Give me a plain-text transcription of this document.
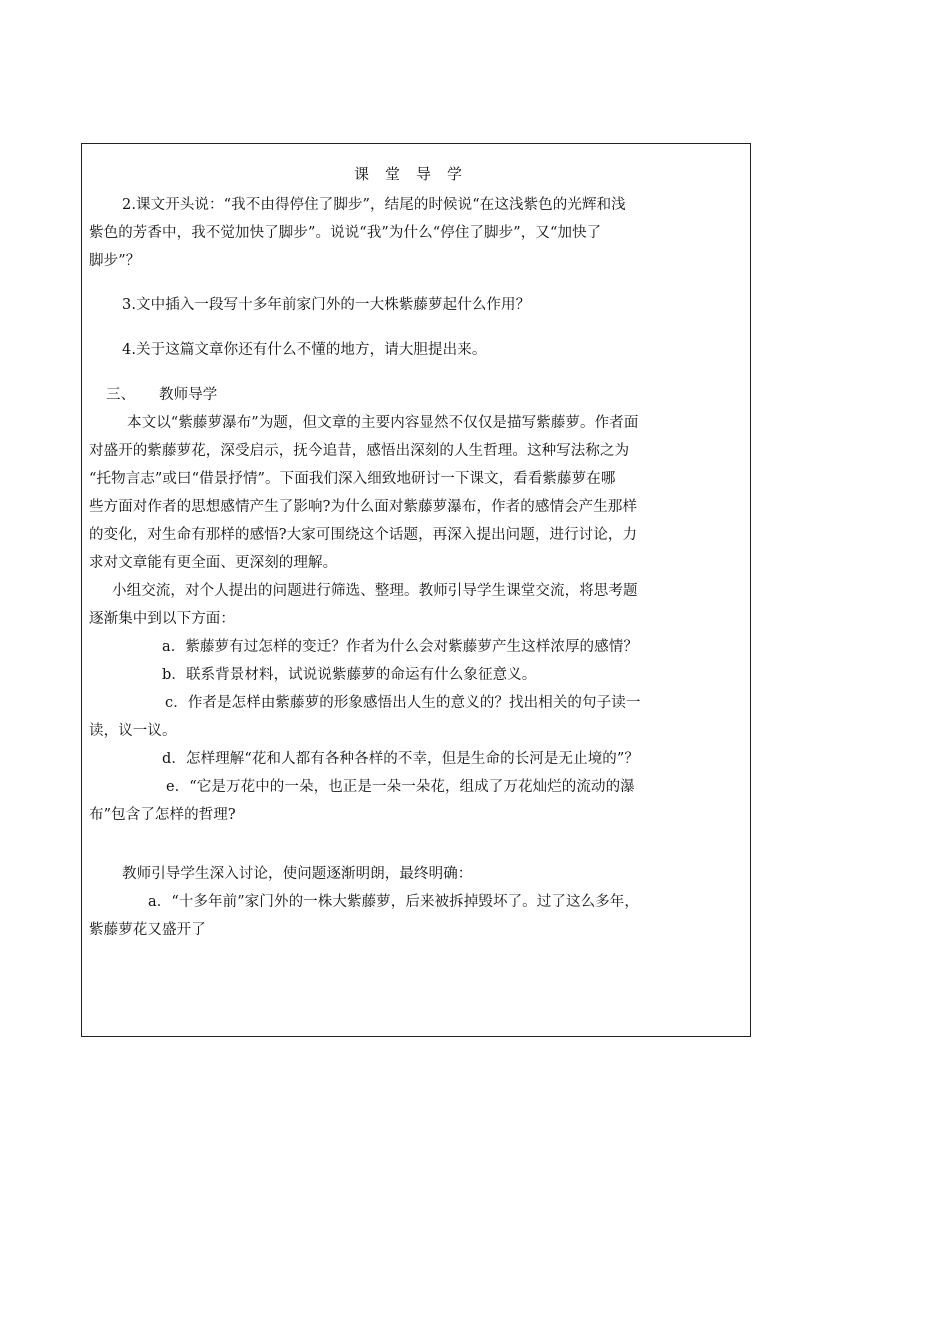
课堂导学
2.课文开头说：“我不由得停住了脚步”，结尾的时候说“在这浅紫色的光辉和浅
紫色的芳香中，我不觉加快了脚步”。说说“我”为什么“停住了脚步”，又“加快了
脚步”？
3.文中插入一段写十多年前家门外的一大株紫藤萝起什么作用？
4.关于这篇文章你还有什么不懂的地方，请大胆提出来。
三、 教师导学
本文以“紫藤萝瀑布”为题，但文章的主要内容显然不仅仅是描写紫藤萝。作者面
对盛开的紫藤萝花，深受启示，抚今追昔，感悟出深刻的人生哲理。这种写法称之为
“托物言志”或曰“借景抒情”。下面我们深入细致地研讨一下课文，看看紫藤萝在哪
些方面对作者的思想感情产生了影响?为什么面对紫藤萝瀑布，作者的感情会产生那样
的变化，对生命有那样的感悟?大家可围绕这个话题，再深入提出问题，进行讨论，力
求对文章能有更全面、更深刻的理解。
小组交流，对个人提出的问题进行筛选、整理。教师引导学生课堂交流，将思考题
逐渐集中到以下方面：
a．紫藤萝有过怎样的变迁？作者为什么会对紫藤萝产生这样浓厚的感情？
b．联系背景材料，试说说紫藤萝的命运有什么象征意义。
c．作者是怎样由紫藤萝的形象感悟出人生的意义的？找出相关的句子读一
读，议一议。
d．怎样理解“花和人都有各种各样的不幸，但是生命的长河是无止境的”？
e．“它是万花中的一朵，也正是一朵一朵花，组成了万花灿烂的流动的瀑
布”包含了怎样的哲理?
教师引导学生深入讨论，使问题逐渐明朗，最终明确：
a．“十多年前”家门外的一株大紫藤萝，后来被拆掉毁坏了。过了这么多年，
紫藤萝花又盛开了
